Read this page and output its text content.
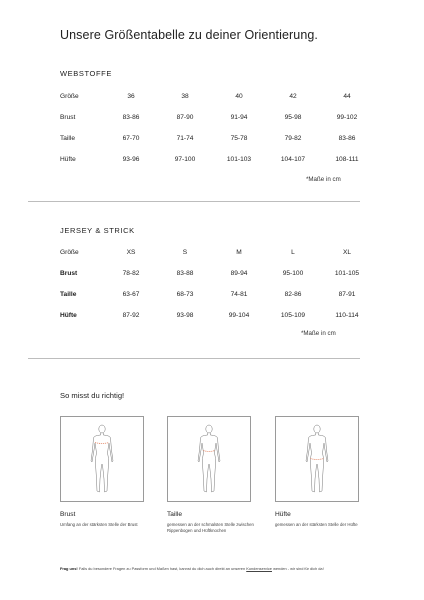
Unsere Größentabelle zu deiner Orientierung.
WEBSTOFFE
Größe	36	38	40	42	44
Brust	83-86	87-90	91-94	95-98	99-102
Taille	67-70	71-74	75-78	79-82	83-86
Hüfte	93-96	97-100	101-103	104-107	108-111
*Maße in cm
JERSEY & STRICK
Größe	XS	S	M	L	XL
Brust	78-82	83-88	89-94	95-100	101-105
Taille	63-67	68-73	74-81	82-86	87-91
Hüfte	87-92	93-98	99-104	105-109	110-114
*Maße in cm
So misst du richtig!
Brust
Umfang an der stärksten Stelle der Brust
Taille
gemessen an der schmalsten Stelle zwischen Rippenbogen und Hüftknochen
Hüfte
gemessen an der stärksten Stelle der Hüfte
Frag uns! Falls du besondere Fragen zu Passform und Maßen hast, kannst du dich auch direkt an unseren Kundenservice wenden - wir sind für dich da!
